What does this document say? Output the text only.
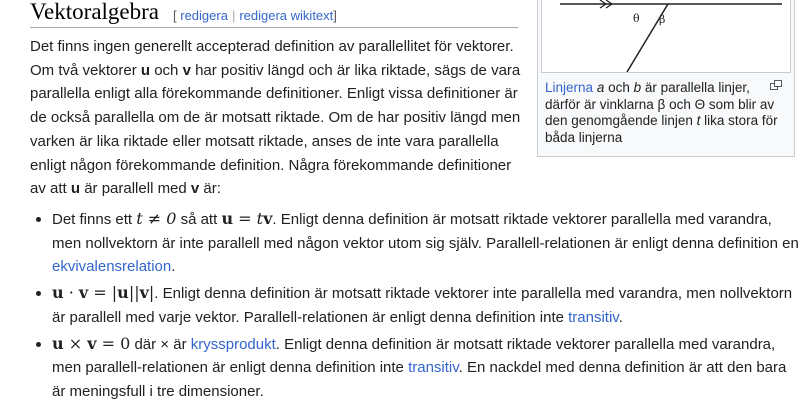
Vektoralgebra [ redigera | redigera wikitext]
Det finns ingen generellt accepterad definition av parallellitet för vektorer.
Om två vektorer u och v har positiv längd och är lika riktade, sägs de vara
parallella enligt alla förekommande definitioner. Enligt vissa definitioner är
de också parallella om de är motsatt riktade. Om de har positiv längd men
varken är lika riktade eller motsatt riktade, anses de inte vara parallella
enligt någon förekommande definition. Några förekommande definitioner
av att u är parallell med v är:
θ β
Linjerna a och b är parallella linjer,
därför är vinklarna β och Θ som blir av
den genomgående linjen t lika stora för
båda linjerna
Det finns ett t ≠ 0 så att u = tv. Enligt denna definition är motsatt riktade vektorer parallella med varandra,
men nollvektorn är inte parallell med någon vektor utom sig själv. Parallell-relationen är enligt denna definition en
ekvivalensrelation.
u · v = |u||v|. Enligt denna definition är motsatt riktade vektorer inte parallella med varandra, men nollvektorn
är parallell med varje vektor. Parallell-relationen är enligt denna definition inte transitiv.
u × v = 0 där × är kryssprodukt. Enligt denna definition är motsatt riktade vektorer parallella med varandra,
men parallell-relationen är enligt denna definition inte transitiv. En nackdel med denna definition är att den bara
är meningsfull i tre dimensioner.
